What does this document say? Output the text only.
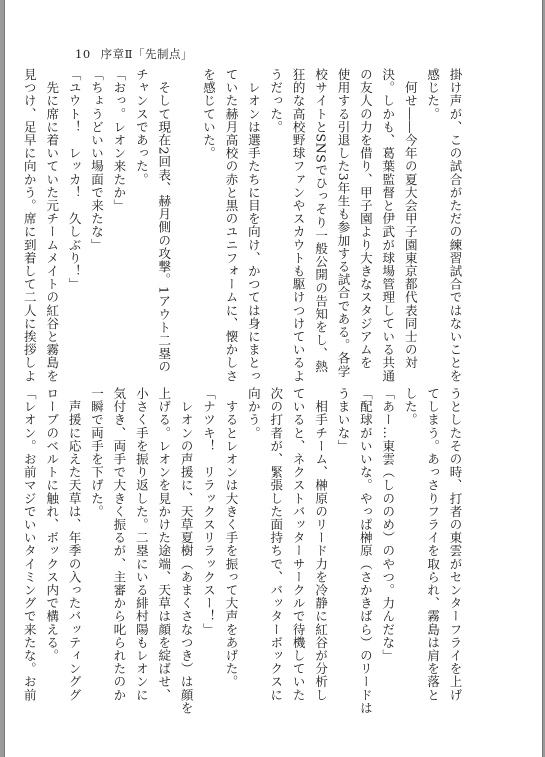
10 序章Ⅱ「先制点」
掛け声が、この試合がただの練習試合ではないことを
感じた。
　何せ――今年の夏大会甲子園東京都代表同士の対
決。しかも、葛葉監督と伊武が球場管理している共通
の友人の力を借り、甲子園より大きなスタジアムを
使用する引退した3年生も参加する試合である。各学
校サイトとSNSでひっそり一般公開の告知をし、熱
狂的な高校野球ファンやスカウトも駆けつけているよ
うだった。
　レオンは選手たちに目を向け、かつては身にまとっ
ていた赫月高校の赤と黒のユニフォームに、懐かしさ
を感じていた。

　そして現在2回表、赫月側の攻撃。1アウト二塁の
チャンスであった。
「おっ。レオン来たか」
「ちょうどいい場面で来たな」
「ユウト！　レッカ！　久しぶり！」
　先に席に着いていた元チームメイトの紅谷と霧島を
見つけ、足早に向かう。席に到着して二人に挨拶しよ
うとしたその時、打者の東雲がセンターフライを上げ
てしまう。あっさりフライを取られ、霧島は肩を落と
した。
「あー…東雲（しののめ）のやつ。力んだな」
「配球がいいな。やっぱ榊原（さかきばら）のリードは
うまいな」
　相手チーム、榊原のリード力を冷静に紅谷が分析し
ていると、ネクストバッターサークルで待機していた
次の打者が、緊張した面持ちで、バッターボックスに
向かう。
　するとレオンは大きく手を振って大声をあげた。
「ナツキ！　リラックスリラックスー！」
　レオンの声援に、天草夏樹（あまくさなつき）は顔を
上げる。レオンを見かけた途端、天草は顔を綻ばせ、
小さく手を振り返した。二塁にいる緋村陽もレオンに
気付き、両手で大きく振るが、主審から叱られたのか
一瞬で両手を下げた。
　声援に応えた天草は、年季の入ったバッティンググ
ローブのベルトに触れ、ボックス内で構える。
「レオン。お前マジでいいタイミングで来たな。お前
